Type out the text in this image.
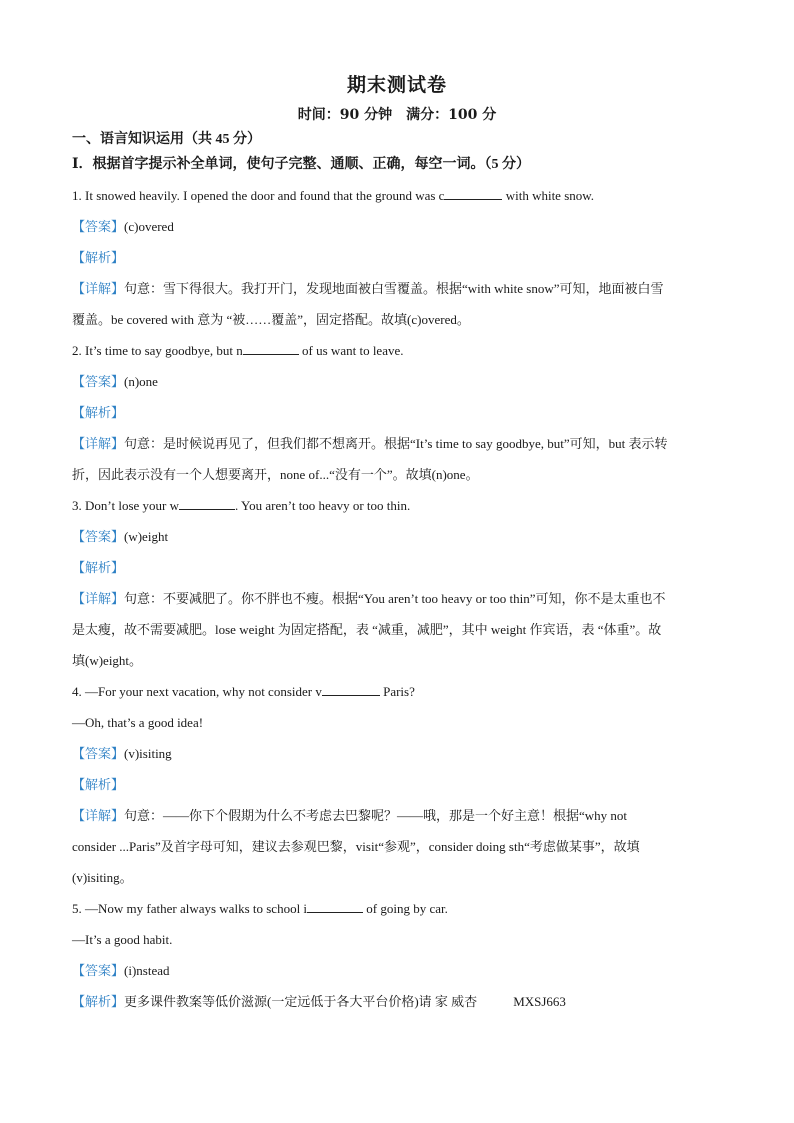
期末测试卷
时间：90 分钟　满分：100 分
一、语言知识运用（共 45 分）
Ⅰ．根据首字提示补全单词，使句子完整、通顺、正确，每空一词。（5 分）
1. It snowed heavily. I opened the door and found that the ground was c	with white snow.
【答案】(c)overed
【解析】
【详解】句意：雪下得很大。我打开门，发现地面被白雪覆盖。根据“with white snow”可知，地面被白雪
覆盖。be covered with 意为 “被……覆盖”，固定搭配。故填(c)overed。
2. It’s time to say goodbye, but n	of us want to leave.
【答案】(n)one
【解析】
【详解】句意：是时候说再见了，但我们都不想离开。根据“It’s time to say goodbye, but”可知，but 表示转
折，因此表示没有一个人想要离开，none of...“没有一个”。故填(n)one。
3. Don’t lose your w	. You aren’t too heavy or too thin.
【答案】(w)eight
【解析】
【详解】句意：不要减肥了。你不胖也不瘦。根据“You aren’t too heavy or too thin”可知，你不是太重也不
是太瘦，故不需要减肥。lose weight 为固定搭配，表 “减重，减肥”，其中 weight 作宾语，表 “体重”。故
填(w)eight。
4. —For your next vacation, why not consider v	Paris?
—Oh, that’s a good idea!
【答案】(v)isiting
【解析】
【详解】句意：——你下个假期为什么不考虑去巴黎呢？——哦，那是一个好主意！根据“why not
consider ...Paris”及首字母可知，建议去参观巴黎，visit“参观”，consider doing sth“考虑做某事”，故填
(v)isiting。
5. —Now my father always walks to school i	of going by car.
—It’s a good habit.
【答案】(i)nstead
【解析】更多课件教案等低价滋源(一定远低于各大平台价格)请 家 威杏	MXSJ663
